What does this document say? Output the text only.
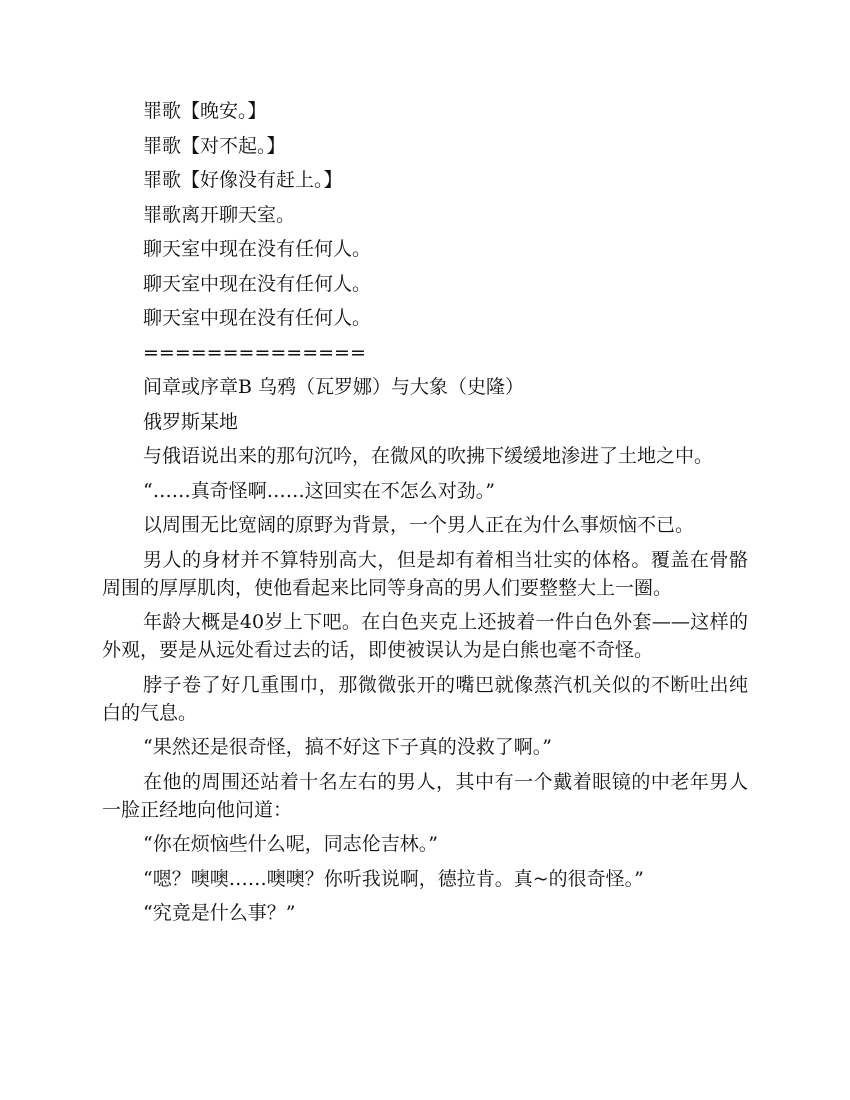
罪歌【晚安。】

罪歌【对不起。】

罪歌【好像没有赶上。】

罪歌离开聊天室。

聊天室中现在没有任何人。

聊天室中现在没有任何人。

聊天室中现在没有任何人。

==============

间章或序章B 乌鸦（瓦罗娜）与大象（史隆）

俄罗斯某地

与俄语说出来的那句沉吟，在微风的吹拂下缓缓地渗进了土地之中。

“……真奇怪啊……这回实在不怎么对劲。”

以周围无比宽阔的原野为背景，一个男人正在为什么事烦恼不已。

男人的身材并不算特别高大，但是却有着相当壮实的体格。覆盖在骨骼周围的厚厚肌肉，使他看起来比同等身高的男人们要整整大上一圈。

年龄大概是40岁上下吧。在白色夹克上还披着一件白色外套——这样的外观，要是从远处看过去的话，即使被误认为是白熊也毫不奇怪。

脖子卷了好几重围巾，那微微张开的嘴巴就像蒸汽机关似的不断吐出纯白的气息。

“果然还是很奇怪，搞不好这下子真的没救了啊。”

在他的周围还站着十名左右的男人，其中有一个戴着眼镜的中老年男人一脸正经地向他问道：

“你在烦恼些什么呢，同志伦吉林。”

“嗯？噢噢……噢噢？你听我说啊，德拉肯。真~的很奇怪。”

“究竟是什么事？”
